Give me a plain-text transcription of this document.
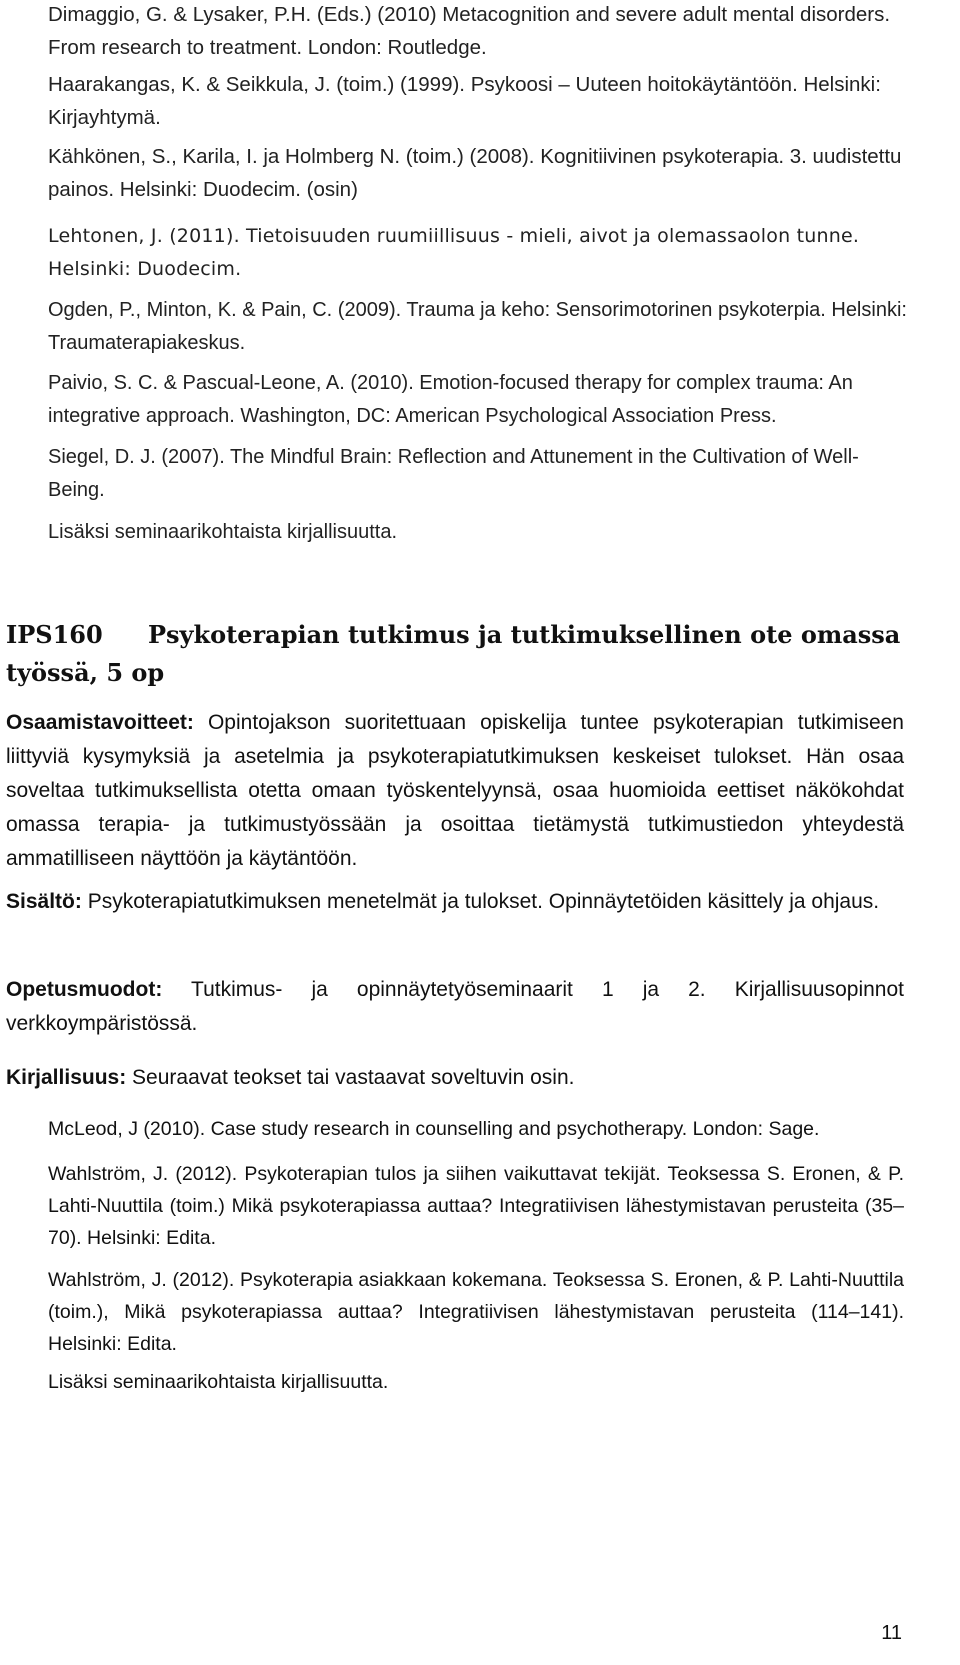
Dimaggio, G. & Lysaker, P.H. (Eds.) (2010) Metacognition and severe adult mental disorders. From research to treatment. London: Routledge.
Haarakangas, K. & Seikkula, J. (toim.) (1999). Psykoosi – Uuteen hoitokäytäntöön. Helsinki: Kirjayhtymä.
Kähkönen, S., Karila, I. ja Holmberg N. (toim.) (2008). Kognitiivinen psykoterapia. 3. uudistettu painos. Helsinki: Duodecim. (osin)
Lehtonen, J. (2011). Tietoisuuden ruumiillisuus - mieli, aivot ja olemassaolon tunne. Helsinki: Duodecim.
Ogden, P., Minton, K. & Pain, C. (2009). Trauma ja keho: Sensorimotorinen psykoterpia. Helsinki: Traumaterapiakeskus.
Paivio, S. C. & Pascual-Leone, A. (2010). Emotion-focused therapy for complex trauma: An integrative approach. Washington, DC: American Psychological Association Press.
Siegel, D. J. (2007). The Mindful Brain: Reflection and Attunement in the Cultivation of Well-Being.
Lisäksi seminaarikohtaista kirjallisuutta.
IPS160 Psykoterapian tutkimus ja tutkimuksellinen ote omassa työssä, 5 op
Osaamistavoitteet: Opintojakson suoritettuaan opiskelija tuntee psykoterapian tutkimiseen liittyviä kysymyksiä ja asetelmia ja psykoterapiatutkimuksen keskeiset tulokset. Hän osaa soveltaa tutkimuksellista otetta omaan työskentelyynsä, osaa huomioida eettiset näkökohdat omassa terapia- ja tutkimustyössään ja osoittaa tietämystä tutkimustiedon yhteydestä ammatilliseen näyttöön ja käytäntöön.
Sisältö: Psykoterapiatutkimuksen menetelmät ja tulokset. Opinnäytetöiden käsittely ja ohjaus.
Opetusmuodot: Tutkimus- ja opinnäytetyöseminaarit 1 ja 2. Kirjallisuusopinnot verkkoympäristössä.
Kirjallisuus: Seuraavat teokset tai vastaavat soveltuvin osin.
McLeod, J (2010). Case study research in counselling and psychotherapy. London: Sage.
Wahlström, J. (2012). Psykoterapian tulos ja siihen vaikuttavat tekijät. Teoksessa S. Eronen, & P. Lahti-Nuuttila (toim.) Mikä psykoterapiassa auttaa? Integratiivisen lähestymistavan perusteita (35–70). Helsinki: Edita.
Wahlström, J. (2012). Psykoterapia asiakkaan kokemana. Teoksessa S. Eronen, & P. Lahti-Nuuttila (toim.), Mikä psykoterapiassa auttaa? Integratiivisen lähestymistavan perusteita (114–141). Helsinki: Edita.
Lisäksi seminaarikohtaista kirjallisuutta.
11
